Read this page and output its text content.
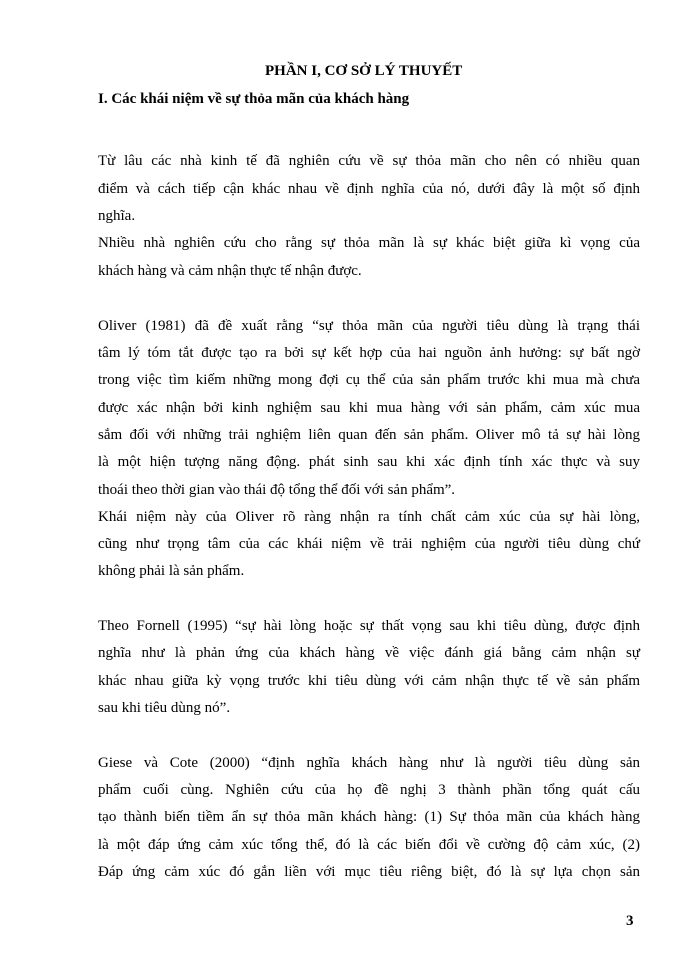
PHẦN I, CƠ SỞ LÝ THUYẾT
I. Các khái niệm về sự thỏa mãn của khách hàng
Từ lâu các nhà kinh tế đã nghiên cứu về sự thỏa mãn cho nên có nhiều quan
điểm và cách tiếp cận khác nhau về định nghĩa của nó, dưới đây là một số định
nghĩa.
Nhiều nhà nghiên cứu cho rằng sự thỏa mãn là sự khác biệt giữa kì vọng của
khách hàng và cảm nhận thực tế nhận được.
Oliver (1981) đã đề xuất rằng “sự thỏa mãn của người tiêu dùng là trạng thái
tâm lý tóm tắt được tạo ra bởi sự kết hợp của hai nguồn ảnh hưởng: sự bất ngờ
trong việc tìm kiếm những mong đợi cụ thể của sản phẩm trước khi mua mà chưa
được xác nhận bởi kinh nghiệm sau khi mua hàng với sản phẩm, cảm xúc mua
sắm đối với những trải nghiệm liên quan đến sản phẩm. Oliver mô tả sự hài lòng
là một hiện tượng năng động. phát sinh sau khi xác định tính xác thực và suy
thoái theo thời gian vào thái độ tổng thể đối với sản phẩm”.
Khái niệm này của Oliver rõ ràng nhận ra tính chất cảm xúc của sự hài lòng,
cũng như trọng tâm của các khái niệm về trải nghiệm của người tiêu dùng chứ
không phải là sản phẩm.
Theo Fornell (1995) “sự hài lòng hoặc sự thất vọng sau khi tiêu dùng, được định
nghĩa như là phản ứng của khách hàng về việc đánh giá bằng cảm nhận sự
khác nhau giữa kỳ vọng trước khi tiêu dùng với cảm nhận thực tế về sản phẩm
sau khi tiêu dùng nó”.
Giese và Cote (2000) “định nghĩa khách hàng như là người tiêu dùng sản
phẩm cuối cùng. Nghiên cứu của họ đề nghị 3 thành phần tổng quát cấu
tạo thành biến tiềm ẩn sự thỏa mãn khách hàng: (1) Sự thỏa mãn của khách hàng
là một đáp ứng cảm xúc tổng thể, đó là các biến đổi về cường độ cảm xúc, (2)
Đáp ứng cảm xúc đó gắn liền với mục tiêu riêng biệt, đó là sự lựa chọn sản
3
